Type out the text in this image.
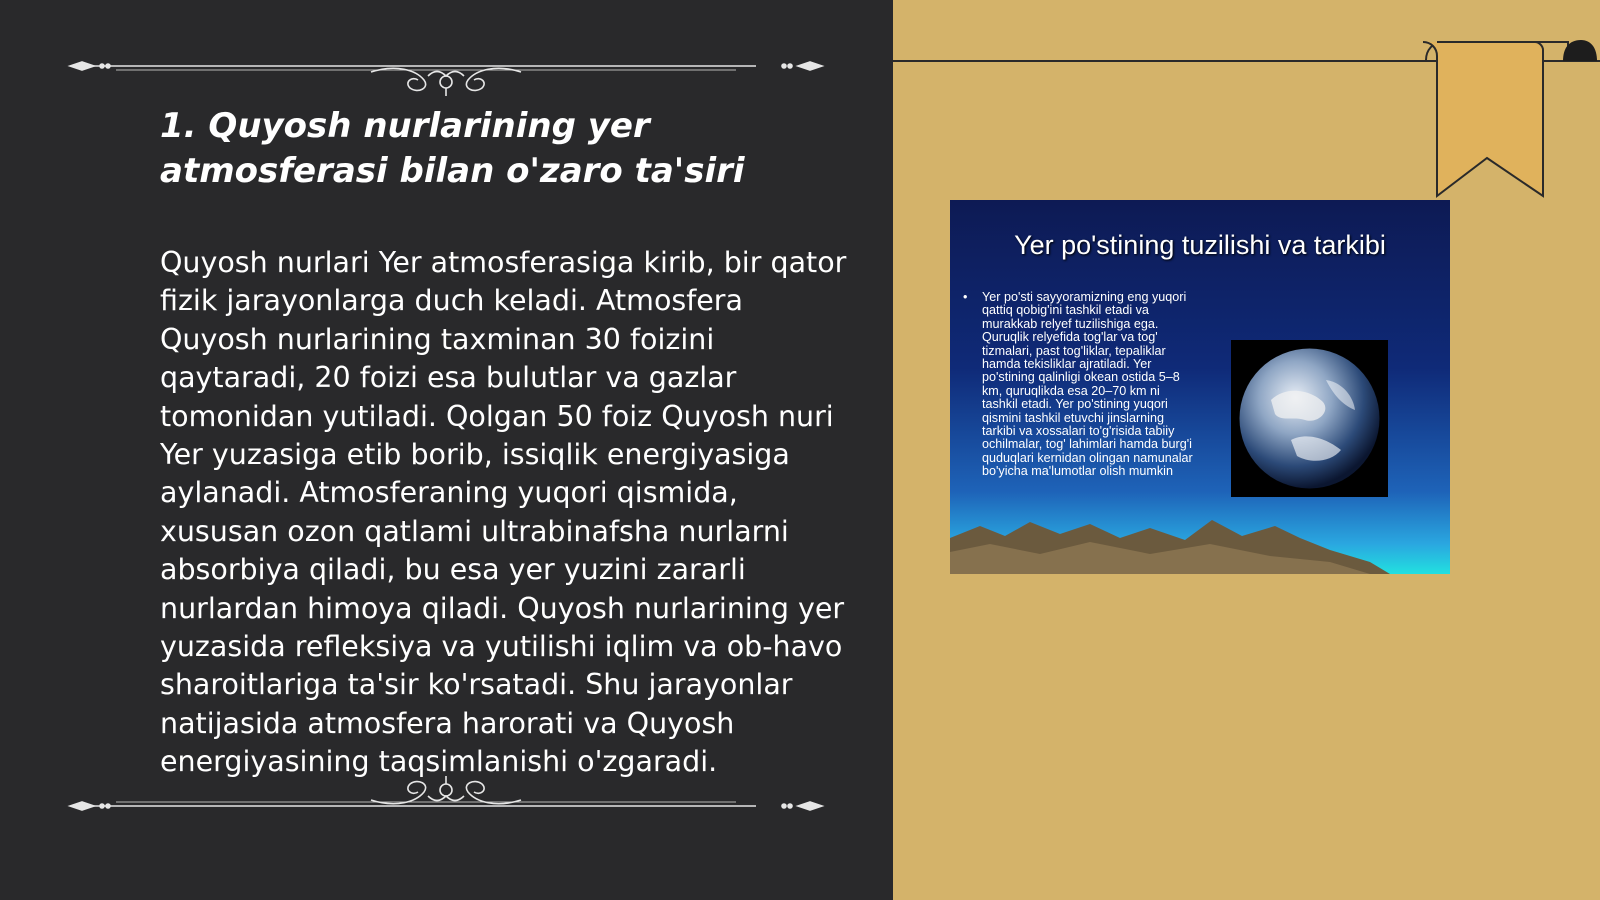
1. Quyosh nurlarining yer atmosferasi bilan o'zaro ta'siri

Quyosh nurlari Yer atmosferasiga kirib, bir qator fizik jarayonlarga duch keladi. Atmosfera Quyosh nurlarining taxminan 30 foizini qaytaradi, 20 foizi esa bulutlar va gazlar tomonidan yutiladi. Qolgan 50 foiz Quyosh nuri Yer yuzasiga etib borib, issiqlik energiyasiga aylanadi. Atmosferaning yuqori qismida, xususan ozon qatlami ultrabinafsha nurlarni absorbiya qiladi, bu esa yer yuzini zararli nurlardan himoya qiladi. Quyosh nurlarining yer yuzasida refleksiya va yutilishi iqlim va ob-havo sharoitlariga ta'sir ko'rsatadi. Shu jarayonlar natijasida atmosfera harorati va Quyosh energiyasining taqsimlanishi o'zgaradi.

Yer po'stining tuzilishi va tarkibi
• Yer po'sti sayyoramizning eng yuqori qattiq qobig'ini tashkil etadi va murakkab relyef tuzilishiga ega. Quruqlik relyefida tog'lar va tog' tizmalari, past tog'liklar, tepaliklar hamda tekisliklar ajratiladi. Yer po'stining qalinligi okean ostida 5–8 km, quruqlikda esa 20–70 km ni tashkil etadi. Yer po'stining yuqori qismini tashkil etuvchi jinslarning tarkibi va xossalari to'g'risida tabiiy ochilmalar, tog' lahimlari hamda burg'i quduqlari kernidan olingan namunalar bo'yicha ma'lumotlar olish mumkin
